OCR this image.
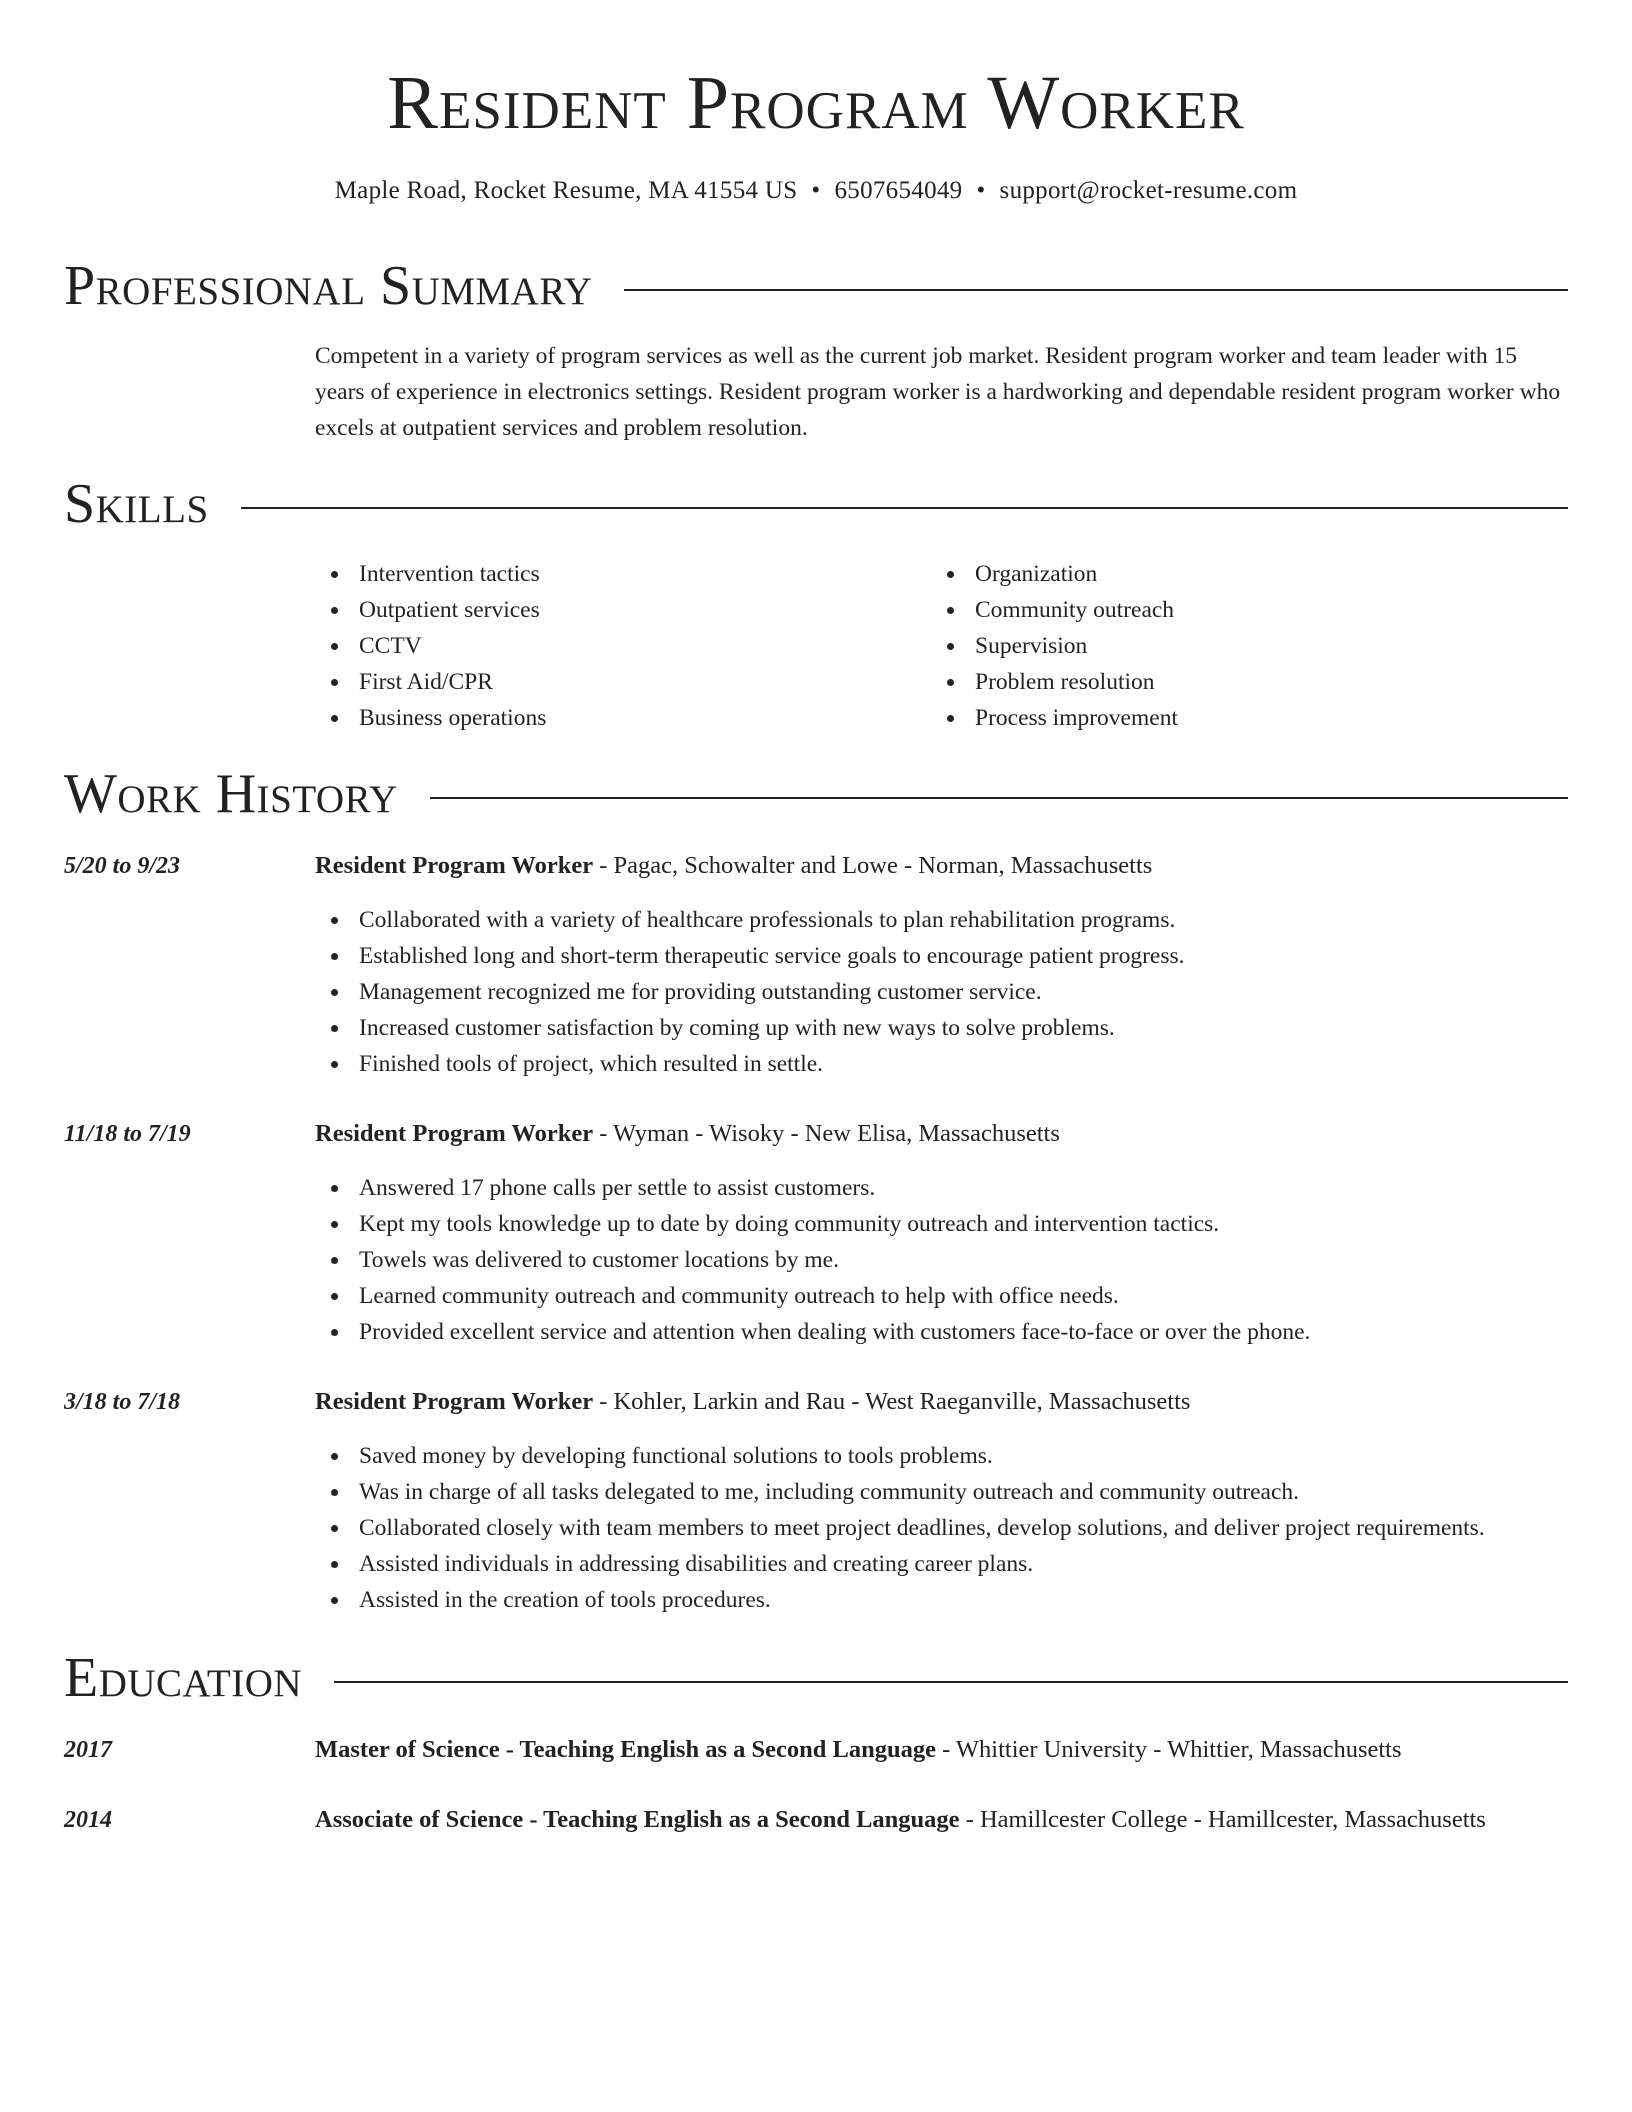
Resident Program Worker
Maple Road, Rocket Resume, MA 41554 US • 6507654049 • support@rocket-resume.com
Professional Summary

Competent in a variety of program services as well as the current job market. Resident program worker and team leader with 15 years of experience in electronics settings. Resident program worker is a hardworking and dependable resident program worker who excels at outpatient services and problem resolution.

Skills
Intervention tactics
Outpatient services
CCTV
First Aid/CPR
Business operations
Organization
Community outreach
Supervision
Problem resolution
Process improvement
Work History
5/20 to 9/23	Resident Program Worker - Pagac, Schowalter and Lowe - Norman, Massachusetts
Collaborated with a variety of healthcare professionals to plan rehabilitation programs.
Established long and short-term therapeutic service goals to encourage patient progress.
Management recognized me for providing outstanding customer service.
Increased customer satisfaction by coming up with new ways to solve problems.
Finished tools of project, which resulted in settle.
11/18 to 7/19	Resident Program Worker - Wyman - Wisoky - New Elisa, Massachusetts
Answered 17 phone calls per settle to assist customers.
Kept my tools knowledge up to date by doing community outreach and intervention tactics.
Towels was delivered to customer locations by me.
Learned community outreach and community outreach to help with office needs.
Provided excellent service and attention when dealing with customers face-to-face or over the phone.
3/18 to 7/18	Resident Program Worker - Kohler, Larkin and Rau - West Raeganville, Massachusetts
Saved money by developing functional solutions to tools problems.
Was in charge of all tasks delegated to me, including community outreach and community outreach.
Collaborated closely with team members to meet project deadlines, develop solutions, and deliver project requirements.
Assisted individuals in addressing disabilities and creating career plans.
Assisted in the creation of tools procedures.
Education
2017	Master of Science - Teaching English as a Second Language - Whittier University - Whittier, Massachusetts
2014	Associate of Science - Teaching English as a Second Language - Hamillcester College - Hamillcester, Massachusetts
